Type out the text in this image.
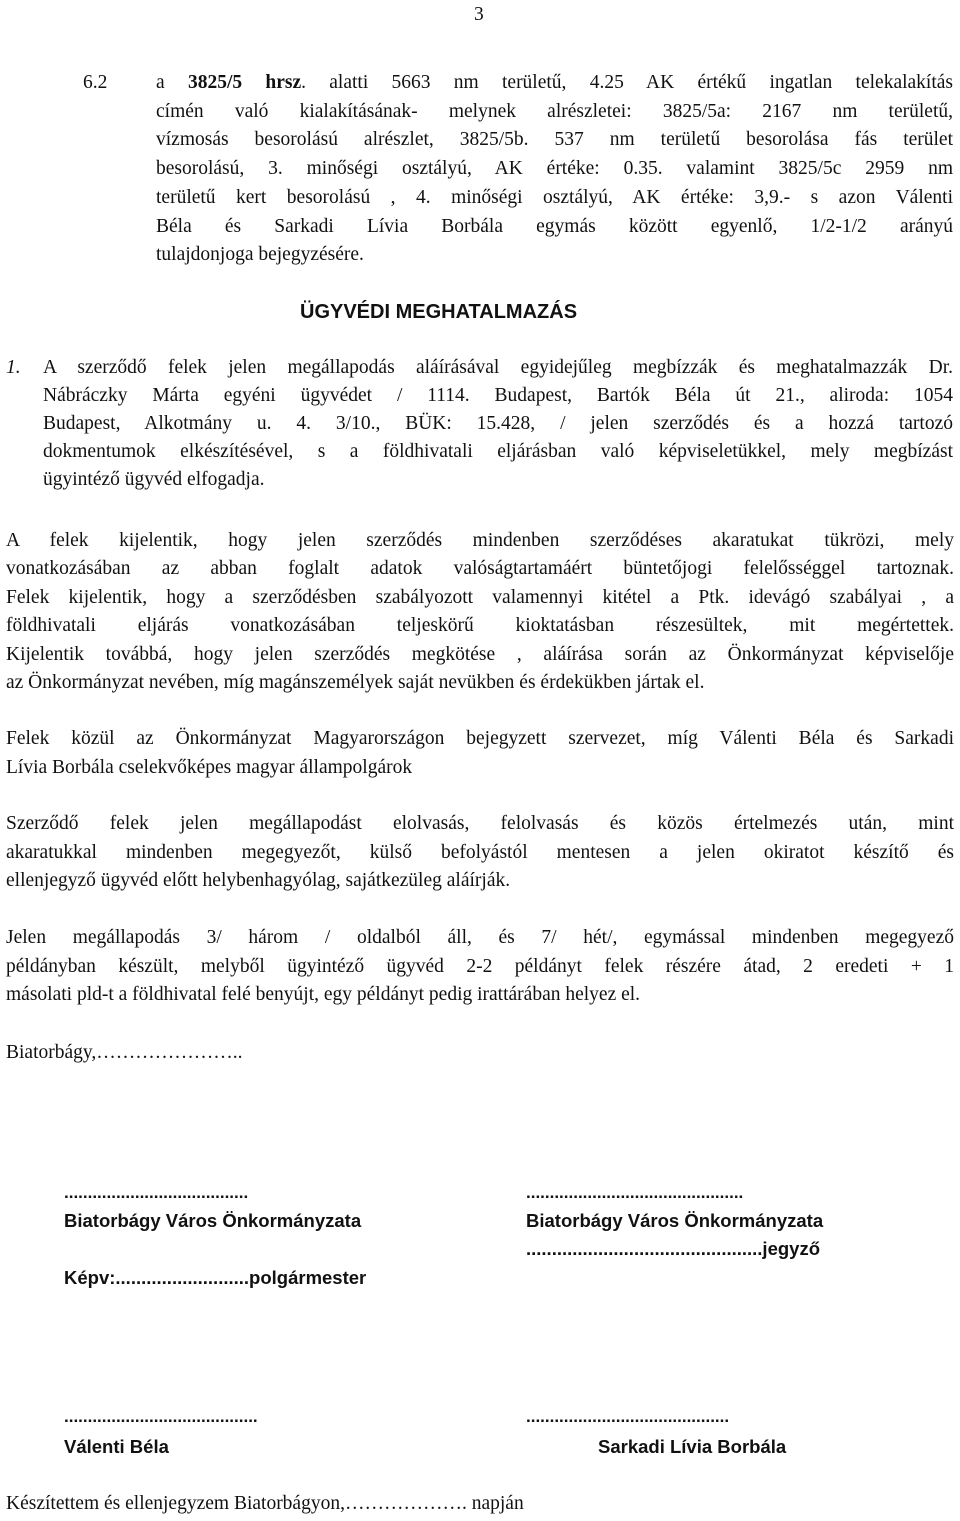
3
6.2 a 3825/5 hrsz. alatti 5663 nm területű, 4.25 AK értékű ingatlan telekalakítás
címén való kialakításának- melynek alrészletei: 3825/5a: 2167 nm területű,
vízmosás besorolású alrészlet, 3825/5b. 537 nm területű besorolása fás terület
besorolású, 3. minőségi osztályú, AK értéke: 0.35. valamint 3825/5c 2959 nm
területű kert besorolású , 4. minőségi osztályú, AK értéke: 3,9.- s azon Válenti
Béla és Sarkadi Lívia Borbála egymás között egyenlő, 1/2-1/2 arányú
tulajdonjoga bejegyzésére.
ÜGYVÉDI MEGHATALMAZÁS
1. A szerződő felek jelen megállapodás aláírásával egyidejűleg megbízzák és meghatalmazzák Dr.
Nábráczky Márta egyéni ügyvédet / 1114. Budapest, Bartók Béla út 21., aliroda: 1054
Budapest, Alkotmány u. 4. 3/10., BÜK: 15.428, / jelen szerződés és a hozzá tartozó
dokmentumok elkészítésével, s a földhivatali eljárásban való képviseletükkel, mely megbízást
ügyintéző ügyvéd elfogadja.
A felek kijelentik, hogy jelen szerződés mindenben szerződéses akaratukat tükrözi, mely
vonatkozásában az abban foglalt adatok valóságtartamáért büntetőjogi felelősséggel tartoznak.
Felek kijelentik, hogy a szerződésben szabályozott valamennyi kitétel a Ptk. idevágó szabályai , a
földhivatali eljárás vonatkozásában teljeskörű kioktatásban részesültek, mit megértettek.
Kijelentik továbbá, hogy jelen szerződés megkötése , aláírása során az Önkormányzat képviselője
az Önkormányzat nevében, míg magánszemélyek saját nevükben és érdekükben jártak el.
Felek közül az Önkormányzat Magyarországon bejegyzett szervezet, míg Válenti Béla és Sarkadi
Lívia Borbála cselekvőképes magyar állampolgárok
Szerződő felek jelen megállapodást elolvasás, felolvasás és közös értelmezés után, mint
akaratukkal mindenben megegyezőt, külső befolyástól mentesen a jelen okiratot készítő és
ellenjegyző ügyvéd előtt helybenhagyólag, sajátkezüleg aláírják.
Jelen megállapodás 3/ három / oldalból áll, és 7/ hét/, egymással mindenben megegyező
példányban készült, melyből ügyintéző ügyvéd 2-2 példányt felek részére átad, 2 eredeti + 1
másolati pld-t a földhivatal felé benyújt, egy példányt pedig irattárában helyez el.
Biatorbágy,…………………..
.......................................
Biatorbágy Város Önkormányzata
Képv:..........................polgármester
..............................................
Biatorbágy Város Önkormányzata
..............................................jegyző
.........................................
Válenti Béla
...........................................
Sarkadi Lívia Borbála
Készítettem és ellenjegyzem Biatorbágyon,………………. napján
